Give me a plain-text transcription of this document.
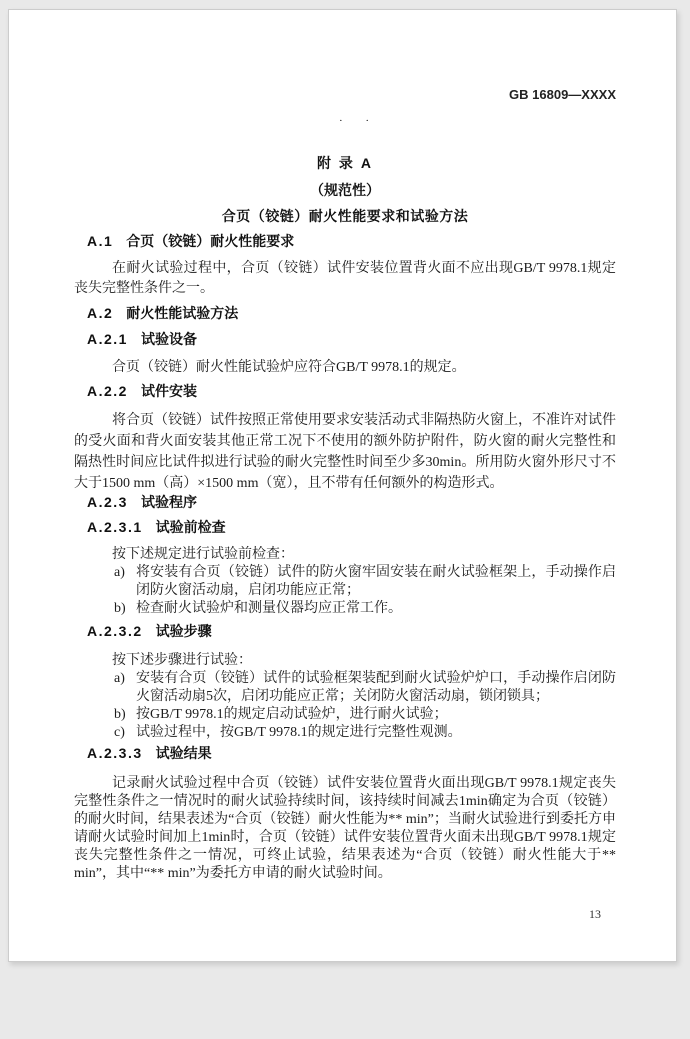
GB 16809—XXXX
· ·
附 录 A
（规范性）
合页（铰链）耐火性能要求和试验方法
A.1 合页（铰链）耐火性能要求
在耐火试验过程中，合页（铰链）试件安装位置背火面不应出现GB/T 9978.1规定丧失完整性条件之一。
A.2 耐火性能试验方法
A.2.1 试验设备
合页（铰链）耐火性能试验炉应符合GB/T 9978.1的规定。
A.2.2 试件安装
将合页（铰链）试件按照正常使用要求安装活动式非隔热防火窗上，不准许对试件的受火面和背火面安装其他正常工况下不使用的额外防护附件，防火窗的耐火完整性和隔热性时间应比试件拟进行试验的耐火完整性时间至少多30min。所用防火窗外形尺寸不大于1500 mm（高）×1500 mm（宽），且不带有任何额外的构造形式。
A.2.3 试验程序
A.2.3.1 试验前检查
按下述规定进行试验前检查：
a) 将安装有合页（铰链）试件的防火窗牢固安装在耐火试验框架上，手动操作启闭防火窗活动扇，启闭功能应正常；
b) 检查耐火试验炉和测量仪器均应正常工作。
A.2.3.2 试验步骤
按下述步骤进行试验：
a) 安装有合页（铰链）试件的试验框架装配到耐火试验炉炉口，手动操作启闭防火窗活动扇5次，启闭功能应正常；关闭防火窗活动扇，锁闭锁具；
b) 按GB/T 9978.1的规定启动试验炉，进行耐火试验；
c) 试验过程中，按GB/T 9978.1的规定进行完整性观测。
A.2.3.3 试验结果
记录耐火试验过程中合页（铰链）试件安装位置背火面出现GB/T 9978.1规定丧失完整性条件之一情况时的耐火试验持续时间，该持续时间减去1min确定为合页（铰链）的耐火时间，结果表述为“合页（铰链）耐火性能为** min”；当耐火试验进行到委托方申请耐火试验时间加上1min时，合页（铰链）试件安装位置背火面未出现GB/T 9978.1规定丧失完整性条件之一情况，可终止试验，结果表述为“合页（铰链）耐火性能大于** min”，其中“** min”为委托方申请的耐火试验时间。
13
